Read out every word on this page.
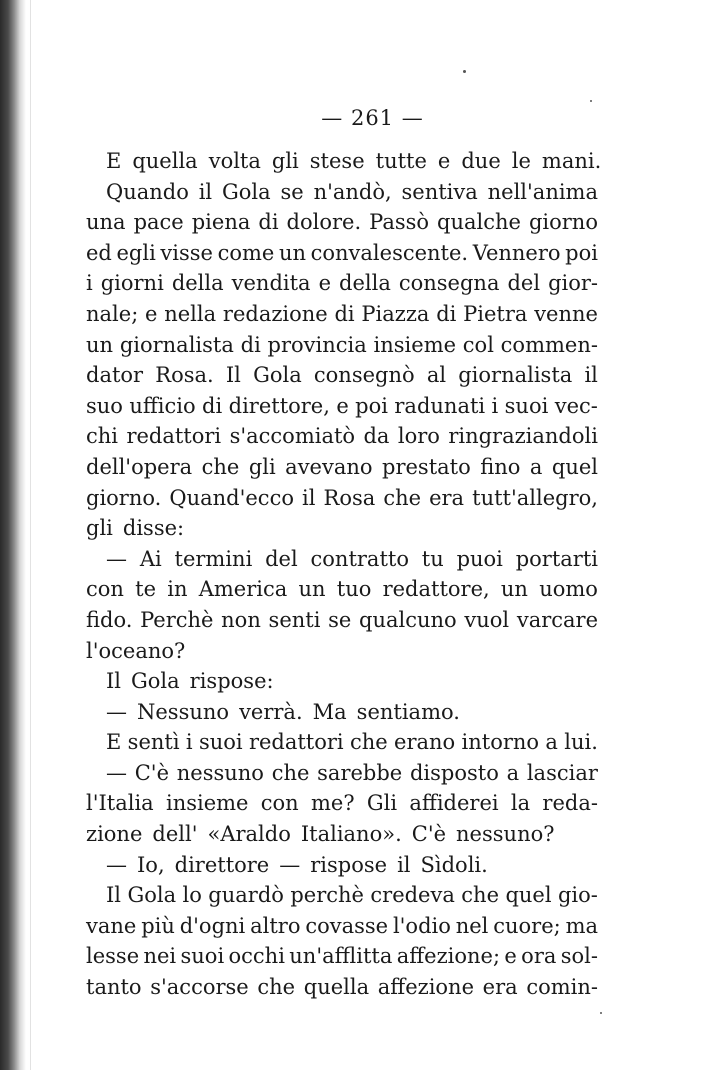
— 261 —
E quella volta gli stese tutte e due le mani.
Quando il Gola se n'andò, sentiva nell'anima
una pace piena di dolore. Passò qualche giorno
ed egli visse come un convalescente. Vennero poi
i giorni della vendita e della consegna del gior-
nale; e nella redazione di Piazza di Pietra venne
un giornalista di provincia insieme col commen-
dator Rosa. Il Gola consegnò al giornalista il
suo ufficio di direttore, e poi radunati i suoi vec-
chi redattori s'accomiatò da loro ringraziandoli
dell'opera che gli avevano prestato fino a quel
giorno. Quand'ecco il Rosa che era tutt'allegro,
gli disse:
— Ai termini del contratto tu puoi portarti
con te in America un tuo redattore, un uomo
fido. Perchè non senti se qualcuno vuol varcare
l'oceano?
Il Gola rispose:
— Nessuno verrà. Ma sentiamo.
E sentì i suoi redattori che erano intorno a lui.
— C'è nessuno che sarebbe disposto a lasciar
l'Italia insieme con me? Gli affiderei la reda-
zione dell' «Araldo Italiano». C'è nessuno?
— Io, direttore — rispose il Sìdoli.
Il Gola lo guardò perchè credeva che quel gio-
vane più d'ogni altro covasse l'odio nel cuore; ma
lesse nei suoi occhi un'afflitta affezione; e ora sol-
tanto s'accorse che quella affezione era comin-
